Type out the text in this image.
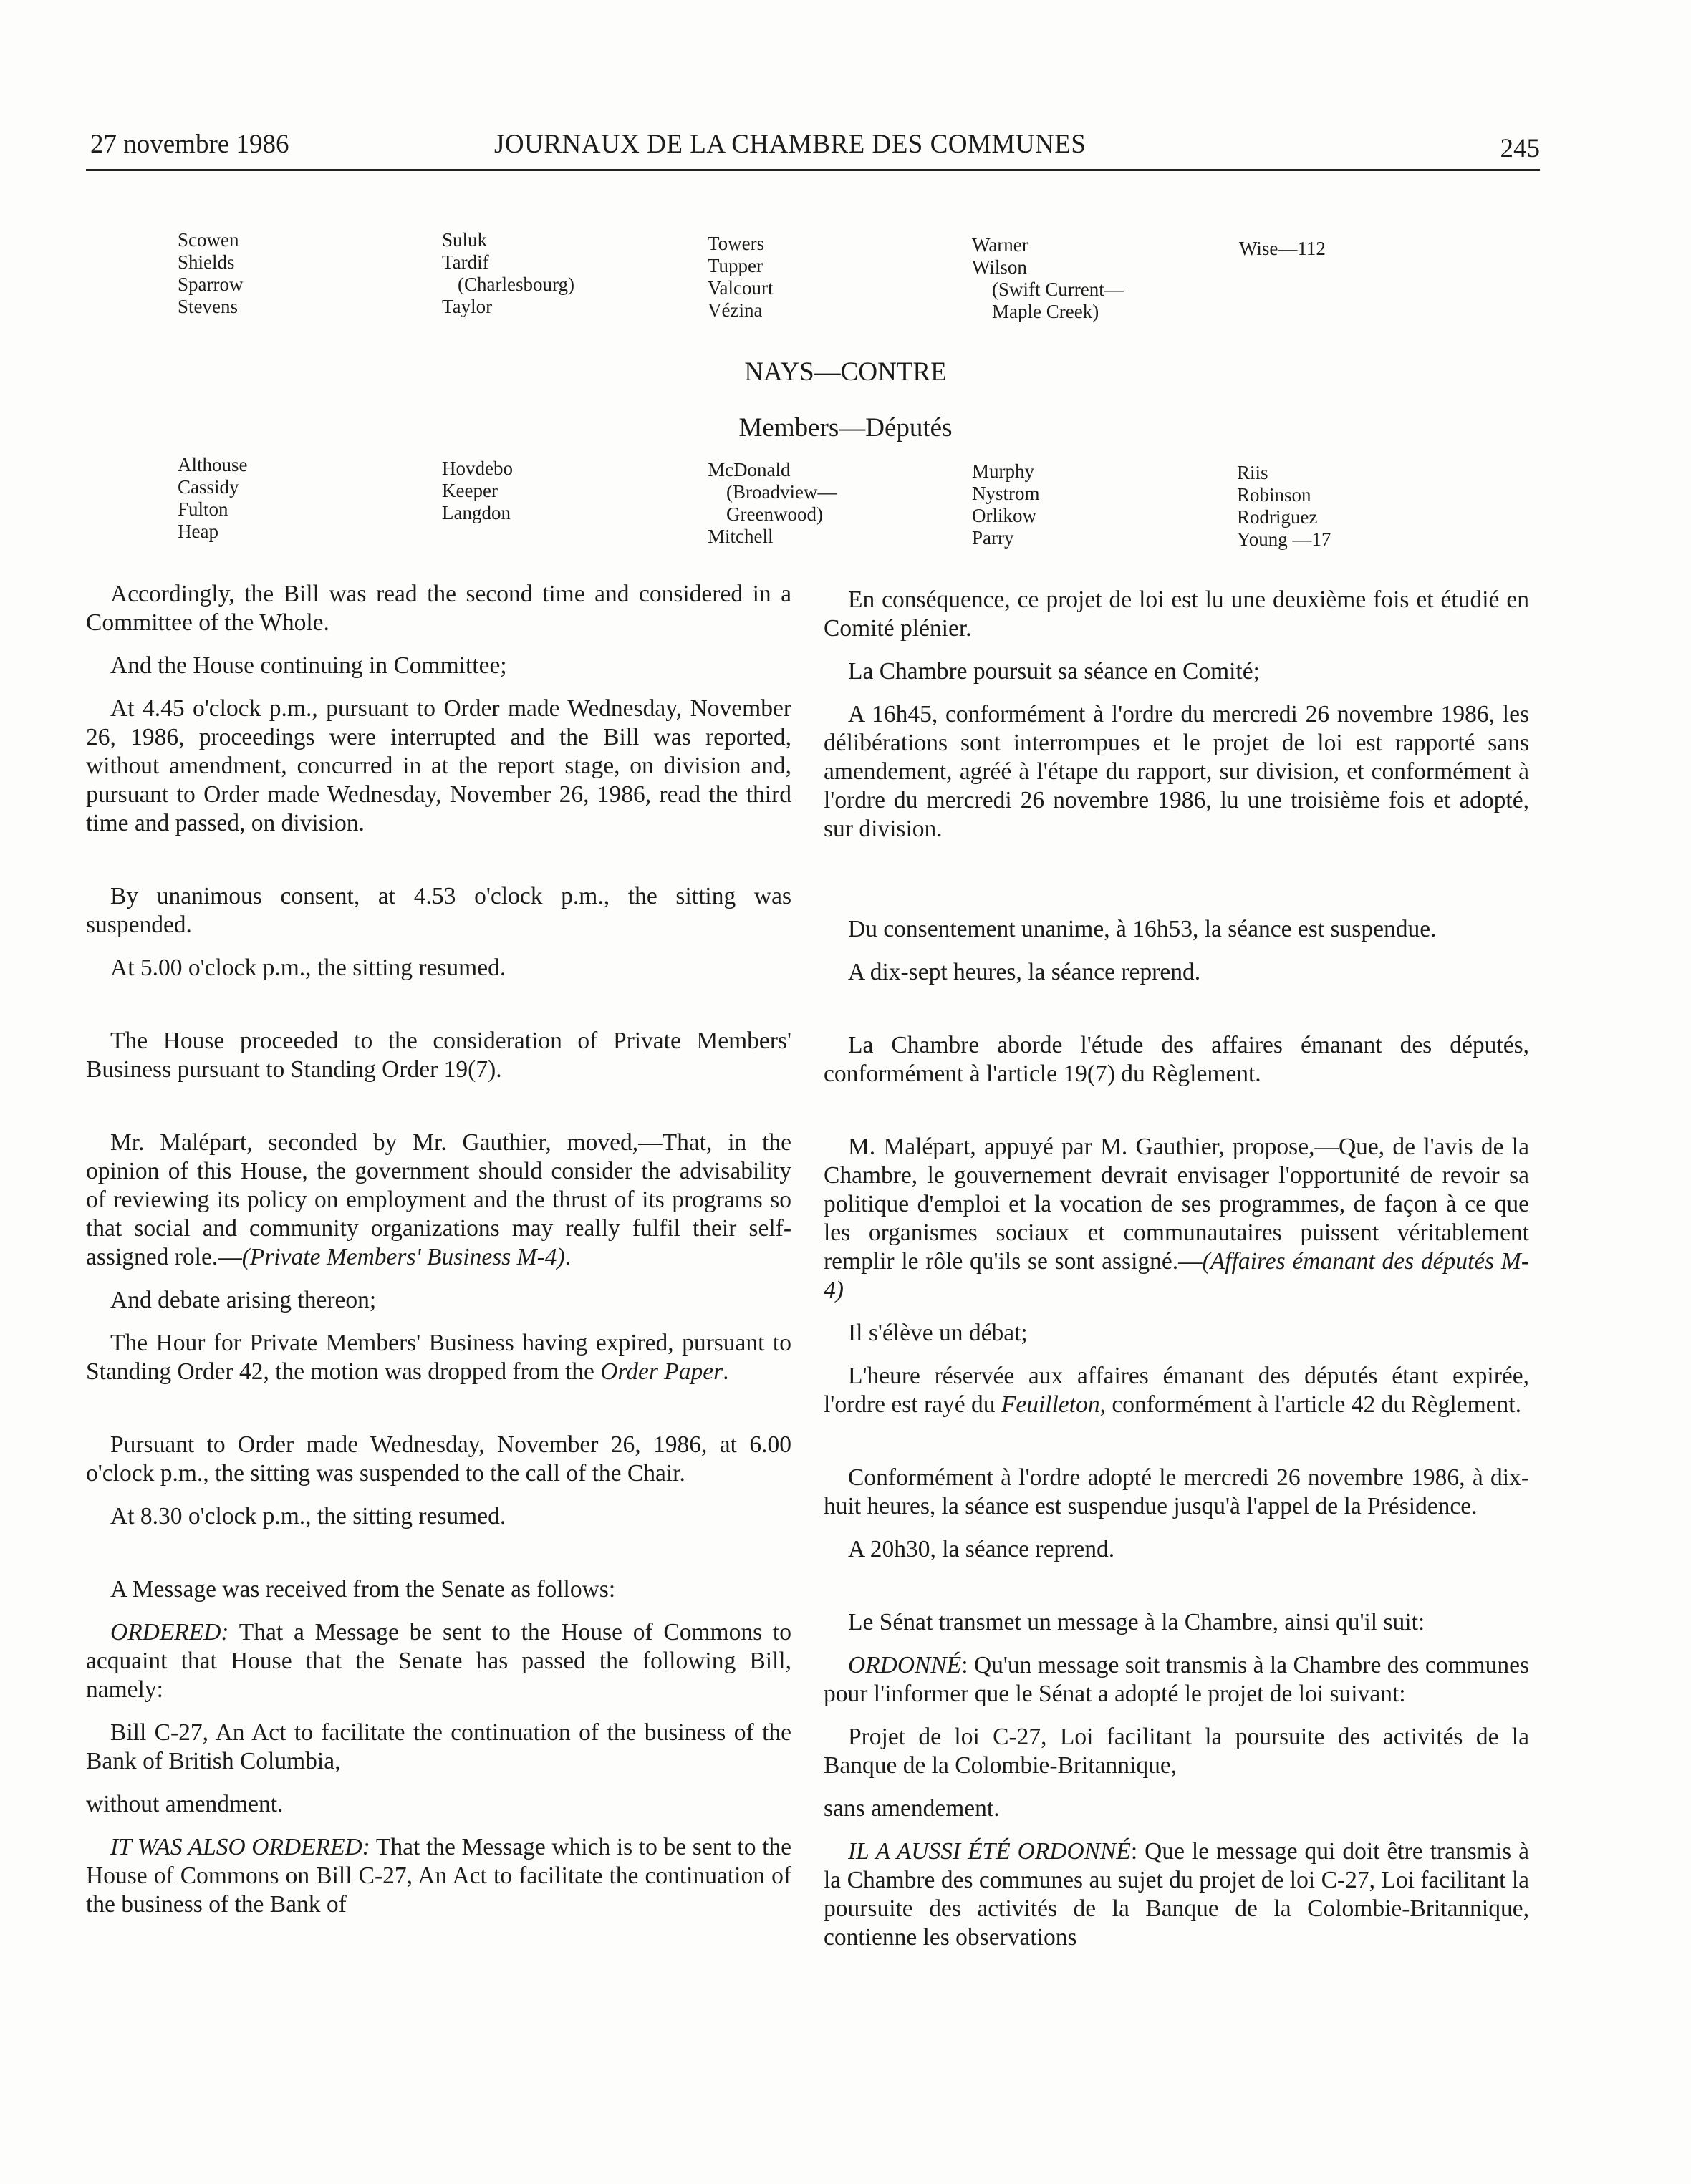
27 novembre 1986	JOURNAUX DE LA CHAMBRE DES COMMUNES	245
Scowen
Shields
Sparrow
Stevens
Suluk
Tardif
(Charlesbourg)
Taylor
Towers
Tupper
Valcourt
Vézina
Warner
Wilson
(Swift Current—
Maple Creek)
Wise—112
NAYS—CONTRE
Members—Députés
Althouse
Cassidy
Fulton
Heap
Hovdebo
Keeper
Langdon
McDonald
(Broadview—
Greenwood)
Mitchell
Murphy
Nystrom
Orlikow
Parry
Riis
Robinson
Rodriguez
Young —17

Accordingly, the Bill was read the second time and considered in a Committee of the Whole.

And the House continuing in Committee;

At 4.45 o'clock p.m., pursuant to Order made Wednesday, November 26, 1986, proceedings were interrupted and the Bill was reported, without amendment, concurred in at the report stage, on division and, pursuant to Order made Wednesday, November 26, 1986, read the third time and passed, on division.

By unanimous consent, at 4.53 o'clock p.m., the sitting was suspended.

At 5.00 o'clock p.m., the sitting resumed.

The House proceeded to the consideration of Private Members' Business pursuant to Standing Order 19(7).

Mr. Malépart, seconded by Mr. Gauthier, moved,—That, in the opinion of this House, the government should consider the advisability of reviewing its policy on employment and the thrust of its programs so that social and community organizations may really fulfil their self-assigned role.—(Private Members' Business M-4).

And debate arising thereon;

The Hour for Private Members' Business having expired, pursuant to Standing Order 42, the motion was dropped from the Order Paper.

Pursuant to Order made Wednesday, November 26, 1986, at 6.00 o'clock p.m., the sitting was suspended to the call of the Chair.

At 8.30 o'clock p.m., the sitting resumed.

A Message was received from the Senate as follows:

ORDERED: That a Message be sent to the House of Commons to acquaint that House that the Senate has passed the following Bill, namely:

Bill C-27, An Act to facilitate the continuation of the business of the Bank of British Columbia,

without amendment.

IT WAS ALSO ORDERED: That the Message which is to be sent to the House of Commons on Bill C-27, An Act to facilitate the continuation of the business of the Bank of

En conséquence, ce projet de loi est lu une deuxième fois et étudié en Comité plénier.

La Chambre poursuit sa séance en Comité;

A 16h45, conformément à l'ordre du mercredi 26 novembre 1986, les délibérations sont interrompues et le projet de loi est rapporté sans amendement, agréé à l'étape du rapport, sur division, et conformément à l'ordre du mercredi 26 novembre 1986, lu une troisième fois et adopté, sur division.

Du consentement unanime, à 16h53, la séance est suspendue.

A dix-sept heures, la séance reprend.

La Chambre aborde l'étude des affaires émanant des députés, conformément à l'article 19(7) du Règlement.

M. Malépart, appuyé par M. Gauthier, propose,—Que, de l'avis de la Chambre, le gouvernement devrait envisager l'opportunité de revoir sa politique d'emploi et la vocation de ses programmes, de façon à ce que les organismes sociaux et communautaires puissent véritablement remplir le rôle qu'ils se sont assigné.—(Affaires émanant des députés M-4)

Il s'élève un débat;

L'heure réservée aux affaires émanant des députés étant expirée, l'ordre est rayé du Feuilleton, conformément à l'article 42 du Règlement.

Conformément à l'ordre adopté le mercredi 26 novembre 1986, à dix-huit heures, la séance est suspendue jusqu'à l'appel de la Présidence.

A 20h30, la séance reprend.

Le Sénat transmet un message à la Chambre, ainsi qu'il suit:

ORDONNÉ: Qu'un message soit transmis à la Chambre des communes pour l'informer que le Sénat a adopté le projet de loi suivant:

Projet de loi C-27, Loi facilitant la poursuite des activités de la Banque de la Colombie-Britannique,

sans amendement.

IL A AUSSI ÉTÉ ORDONNÉ: Que le message qui doit être transmis à la Chambre des communes au sujet du projet de loi C-27, Loi facilitant la poursuite des activités de la Banque de la Colombie-Britannique, contienne les observations
